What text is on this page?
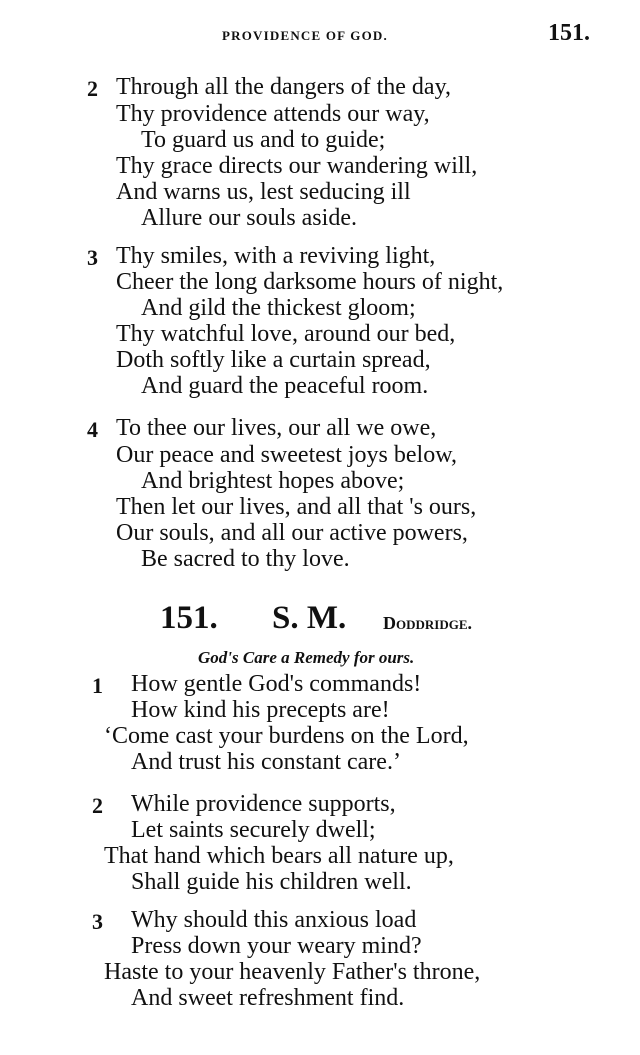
PROVIDENCE OF GOD.	151.
2 Through all the dangers of the day,
Thy providence attends our way,
To guard us and to guide;
Thy grace directs our wandering will,
And warns us, lest seducing ill
Allure our souls aside.
3 Thy smiles, with a reviving light,
Cheer the long darksome hours of night,
And gild the thickest gloom;
Thy watchful love, around our bed,
Doth softly like a curtain spread,
And guard the peaceful room.
4 To thee our lives, our all we owe,
Our peace and sweetest joys below,
And brightest hopes above;
Then let our lives, and all that 's ours,
Our souls, and all our active powers,
Be sacred to thy love.
151. S. M. Doddridge.
God's Care a Remedy for ours.
1 How gentle God's commands!
How kind his precepts are!
‘Come cast your burdens on the Lord,
And trust his constant care.’
2 While providence supports,
Let saints securely dwell;
That hand which bears all nature up,
Shall guide his children well.
3 Why should this anxious load
Press down your weary mind?
Haste to your heavenly Father's throne,
And sweet refreshment find.
